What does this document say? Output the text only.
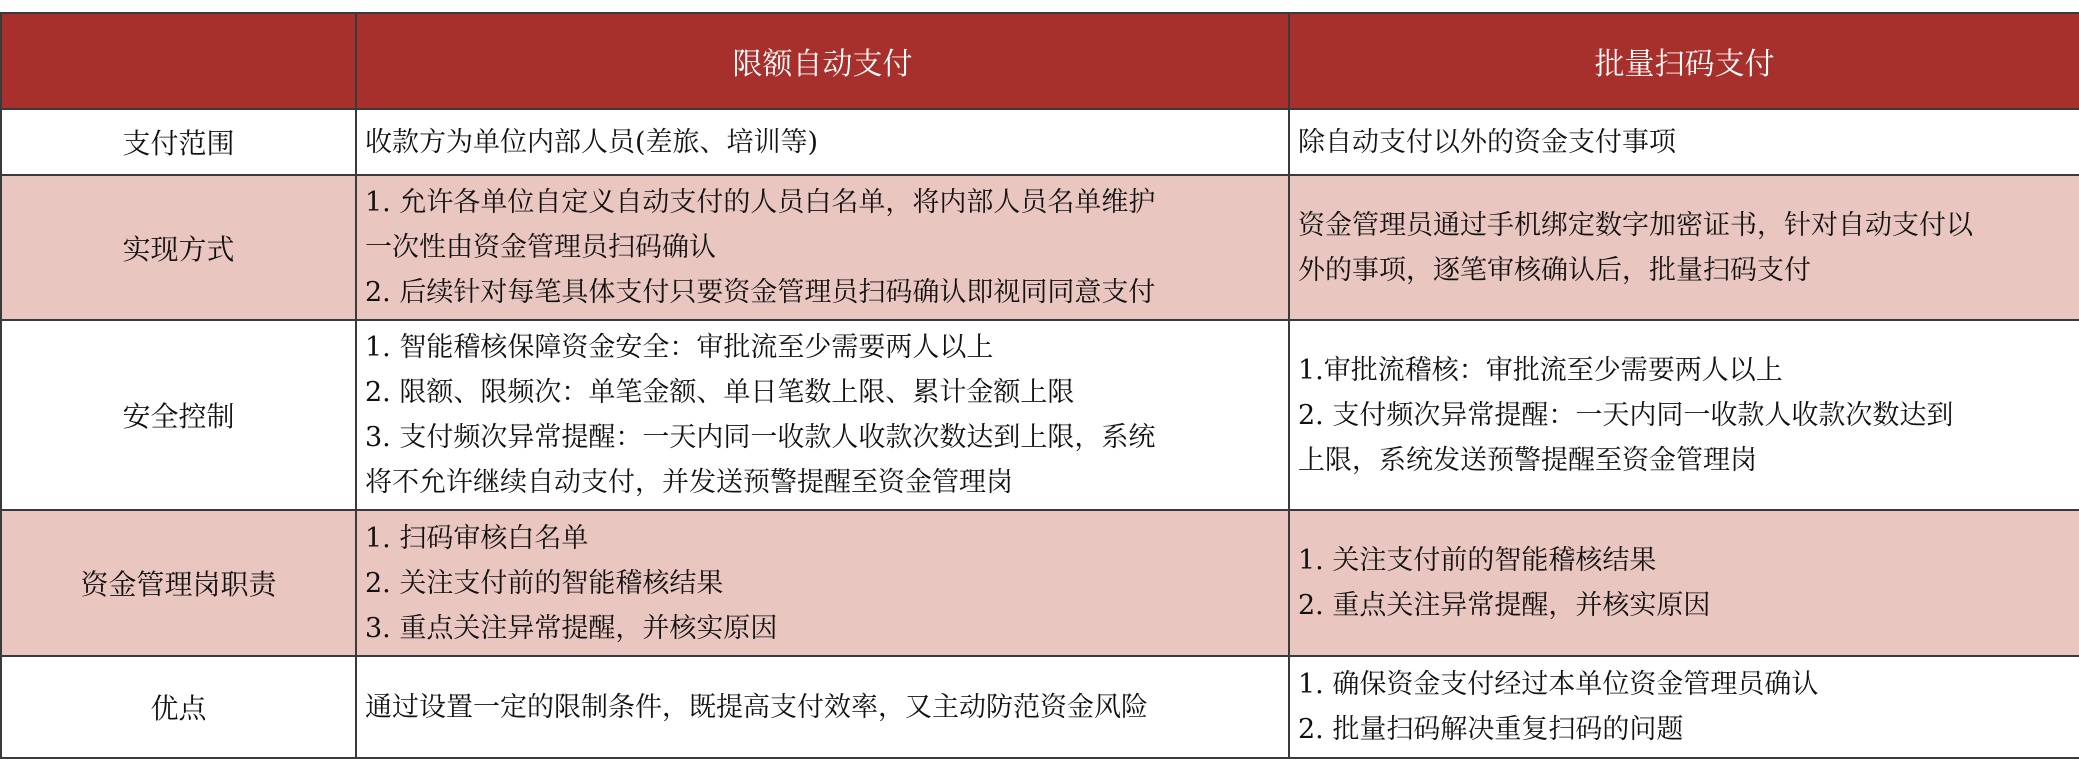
	限额自动支付	批量扫码支付
支付范围	收款方为单位内部人员(差旅、培训等)	除自动支付以外的资金支付事项

实现方式	1. 允许各单位自定义自动支付的人员白名单，将内部人员名单维护
一次性由资金管理员扫码确认
2. 后续针对每笔具体支付只要资金管理员扫码确认即视同同意支付	资金管理员通过手机绑定数字加密证书，针对自动支付以
外的事项，逐笔审核确认后，批量扫码支付

安全控制	1. 智能稽核保障资金安全：审批流至少需要两人以上
2. 限额、限频次：单笔金额、单日笔数上限、累计金额上限
3. 支付频次异常提醒：一天内同一收款人收款次数达到上限，系统
将不允许继续自动支付，并发送预警提醒至资金管理岗	1.审批流稽核：审批流至少需要两人以上
2. 支付频次异常提醒：一天内同一收款人收款次数达到
上限，系统发送预警提醒至资金管理岗

资金管理岗职责	1. 扫码审核白名单
2. 关注支付前的智能稽核结果
3. 重点关注异常提醒，并核实原因	1. 关注支付前的智能稽核结果
2. 重点关注异常提醒，并核实原因

优点	通过设置一定的限制条件，既提高支付效率，又主动防范资金风险	1. 确保资金支付经过本单位资金管理员确认
2. 批量扫码解决重复扫码的问题
